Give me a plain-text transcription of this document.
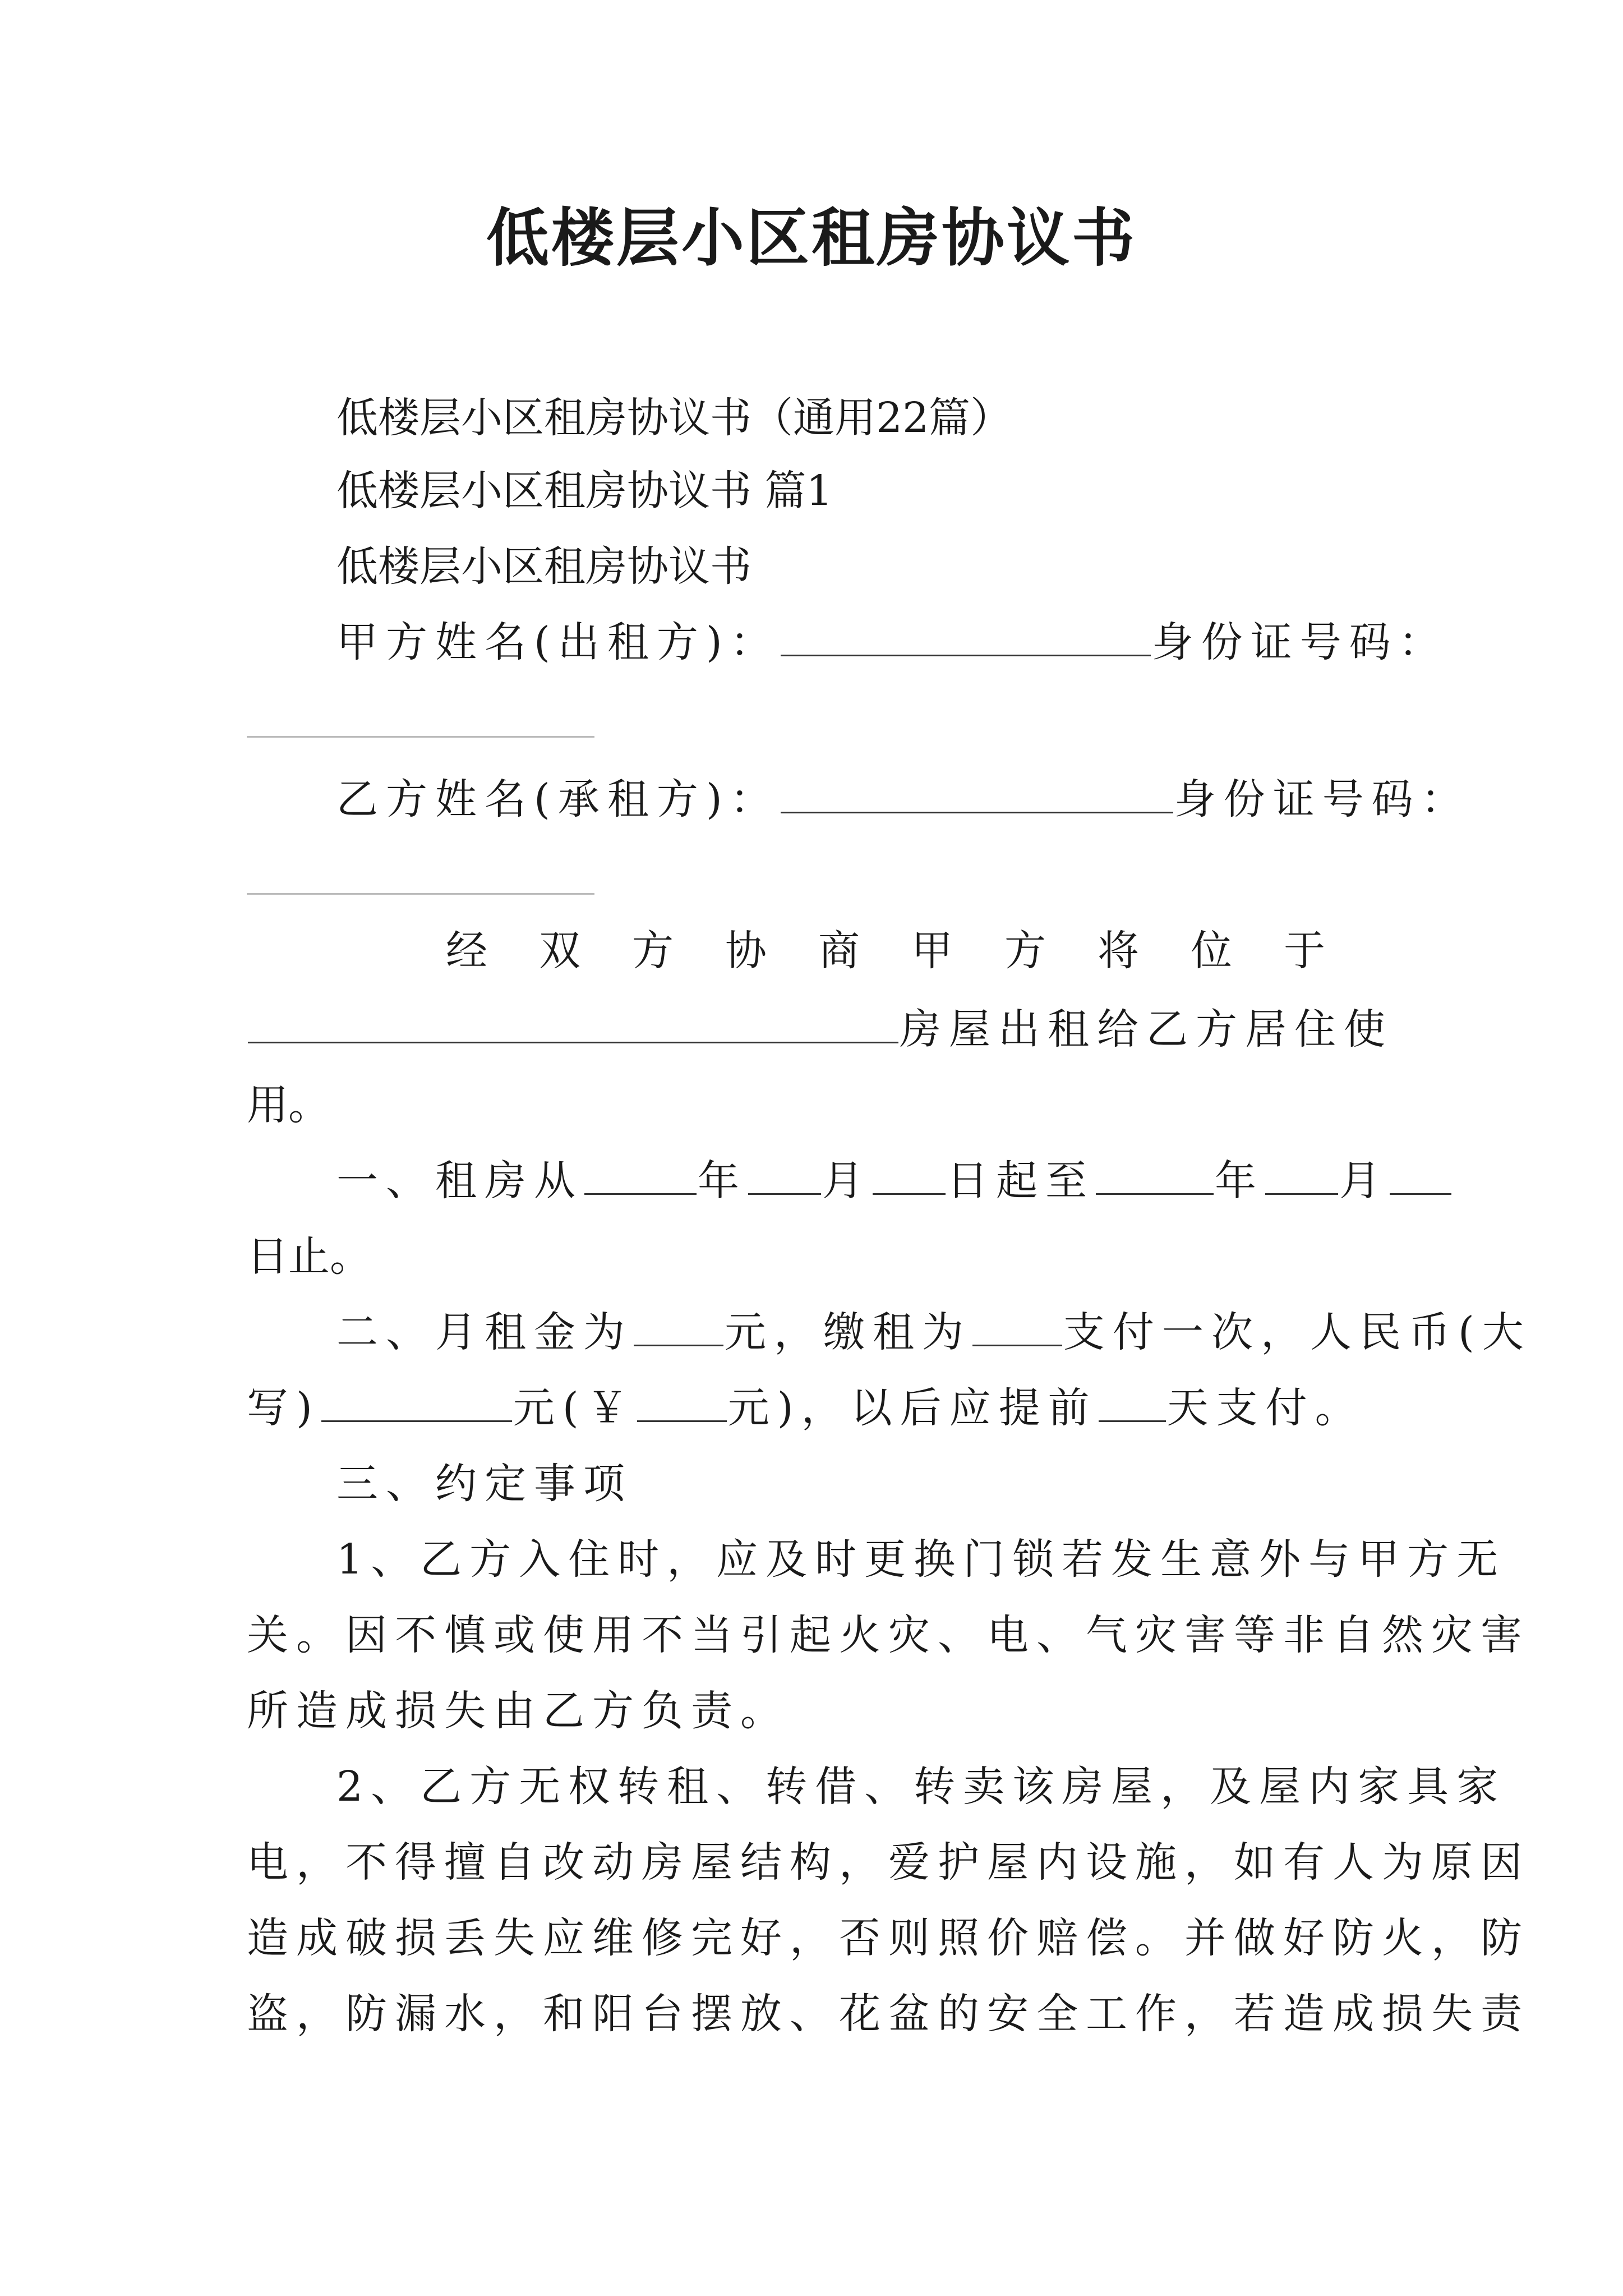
低楼层小区租房协议书
低楼层小区租房协议书（通用22篇）
低楼层小区租房协议书 篇1
低楼层小区租房协议书
甲方姓名(出租方)：	身份证号码：
乙方姓名(承租方)：	身份证号码：
经双方协商甲方将位于
房屋出租给乙方居住使
用。
一、租房从	年 月 日起至	年 月
日止。
二、月租金为 元，缴租为 支付一次，人民币(大
写)	元(￥ 元)，以后应提前 天支付。
三、约定事项
1、乙方入住时，应及时更换门锁若发生意外与甲方无
关。因不慎或使用不当引起火灾、电、气灾害等非自然灾害
所造成损失由乙方负责。
2、乙方无权转租、转借、转卖该房屋，及屋内家具家
电，不得擅自改动房屋结构，爱护屋内设施，如有人为原因
造成破损丢失应维修完好，否则照价赔偿。并做好防火，防
盗，防漏水，和阳台摆放、花盆的安全工作，若造成损失责
